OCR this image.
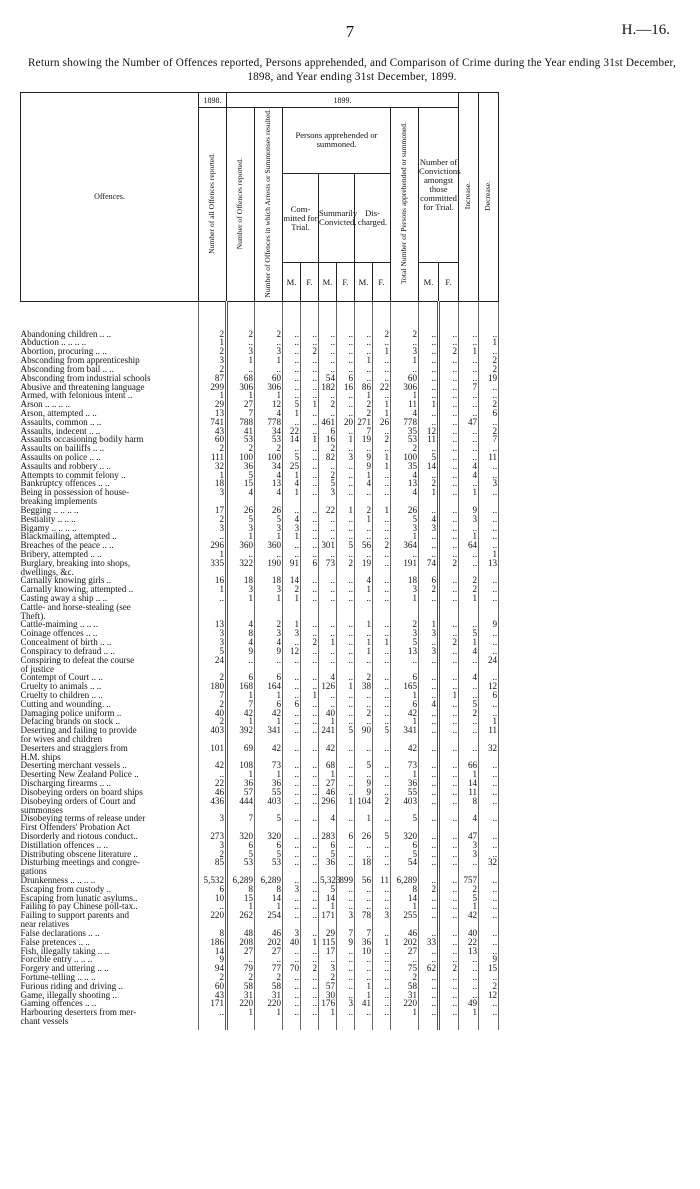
7	H.—16.
Return showing the Number of Offences reported, Persons apprehended, and Comparison of Crime during the Year ending 31st December, 1898, and Year ending 31st December, 1899.
Offences.	1898.	1899.											Increase.	Decrease.	
	Number of all Offences reported.	Number of Offences reported.	Number of Offences in which Arrests or Summonses resulted.	Persons apprehended or summoned.						Total Number of Persons apprehended or summoned.	Number of Convictions amongst those committed for Trial.				
				Com- mitted for Trial.		Summarily Convicted.		Dis- charged.							
				M.	F.	M.	F.	M.	F.		M.	F.			
Abandoning children .. ..	2	2	2	..	..	..	..	..	2	2	..	..	..	..	
Abduction .. .. .. ..	1	..	..	..	..	..	..	..	..	..	..	..	..	1	
Abortion, procuring .. ..	2	3	3	..	2	..	..	..	1	3	..	2	1	..	
Absconding from apprenticeship	3	1	1	..	..	..	..	1	..	1	..	..	..	2	
Absconding from bail .. ..	2	..	..	..	..	..	..	..	..	..	..	..	..	2	
Absconding from industrial schools	87	68	60	..	..	54	6	..	..	60	..	..	..	19	
Abusive and threatening language	299	306	306	..	..	182	16	86	22	306	..	..	7	..	
Armed, with felonious intent ..	1	1	1	..	..	..	..	1	..	1	..	..	..	..	
Arson .. .. .. ..	29	27	12	5	1	2	..	2	1	11	1	..	..	2	
Arson, attempted .. ..	13	7	4	1	..	..	..	2	1	4	..	..	..	6	
Assaults, common .. ..	741	788	778	..	..	461	20	271	26	778	..	..	47	..	
Assaults, indecent .. ..	43	41	34	22	..	6	..	7	..	35	12	..	..	2	
Assaults occasioning bodily harm	60	53	53	14	1	16	1	19	2	53	11	..	..	7	
Assaults on bailiffs .. ..	2	2	2	..	..	2	..	..	..	2	..	..	..	..	
Assaults on police .. ..	111	100	100	5	..	82	3	9	1	100	5	..	..	11	
Assaults and robbery .. ..	32	36	34	25	..	..	..	9	1	35	14	..	4	..	
Attempts to commit felony ..	1	5	4	1	..	2	..	1	..	4	..	..	4	..	
Bankruptcy offences .. ..	18	15	13	4	..	5	..	4	..	13	2	..	..	3	
Being in possession of house-	3	4	4	1	..	3	..	..	..	4	1	..	1	..	
breaking implements															
Begging .. .. .. ..	17	26	26	..	..	22	1	2	1	26	..	..	9	..	
Bestiality .. .. ..	2	5	5	4	..	..	..	1	..	5	4	..	3	..	
Bigamy .. .. .. ..	3	3	3	3	..	..	..	..	..	3	3	..	..	..	
Blackmailing, attempted ..	..	1	1	1	..	..	..	..	..	1	..	..	1	..	
Breaches of the peace .. ..	296	360	360	..	..	301	5	56	2	364	..	..	64	..	
Bribery, attempted .. ..	1	..	..	..	..	..	..	..	..	..	..	..	..	1	
Burglary, breaking into shops,	335	322	190	91	6	73	2	19	..	191	74	2	..	13	
dwellings, &c.															
Carnally knowing girls ..	16	18	18	14	..	..	..	4	..	18	6	..	2	..	
Carnally knowing, attempted ..	1	3	3	2	..	..	..	1	..	3	2	..	2	..	
Casting away a ship .. ..	..	1	1	1	..	..	..	..	..	1	..	..	1	..	
Cattle- and horse-stealing (see															
Theft).															
Cattle-maiming .. .. ..	13	4	2	1	..	..	..	1	..	2	1	..	..	9	
Coinage offences .. ..	3	8	3	3	..	..	..	..	..	3	3	..	5	..	
Concealment of birth .. ..	3	4	4	..	2	1	..	1	1	5	..	2	1	..	
Conspiracy to defraud .. ..	5	9	9	12	..	..	..	1	..	13	3	..	4	..	
Conspiring to defeat the course	24	..	..	..	..	..	..	..	..	..	..	..	..	24	
of justice															
Contempt of Court .. ..	2	6	6	..	..	4	..	2	..	6	..	..	4	..	
Cruelty to animals .. ..	180	168	164	..	..	126	1	38	..	165	..	..	..	12	
Cruelty to children .. ..	7	1	1	..	1	..	..	..	..	1	..	1	..	6	
Cutting and wounding. ..	2	7	6	6	..	..	..	..	..	6	4	..	5	..	
Damaging police uniform ..	40	42	42	..	..	40	..	2	..	42	..	..	2	..	
Defacing brands on stock ..	2	1	1	..	..	1	..	..	..	1	..	..	..	1	
Deserting and failing to provide	403	392	341	..	..	241	5	90	5	341	..	..	..	11	
for wives and children															
Deserters and stragglers from	101	69	42	..	..	42	..	..	..	42	..	..	..	32	
H.M. ships															
Deserting merchant vessels ..	42	108	73	..	..	68	..	5	..	73	..	..	66	..	
Deserting New Zealand Police ..	..	1	1	..	..	1	..	..	..	1	..	..	1	..	
Discharging firearms .. ..	22	36	36	..	..	27	..	9	..	36	..	..	14	..	
Disobeying orders on board ships	46	57	55	..	..	46	..	9	..	55	..	..	11	..	
Disobeying orders of Court and	436	444	403	..	..	296	1	104	2	403	..	..	8	..	
summonses															
Disobeying terms of release under	3	7	5	..	..	4	..	1	..	5	..	..	4	..	
First Offenders' Probation Act															
Disorderly and riotous conduct..	273	320	320	..	..	283	6	26	5	320	..	..	47	..	
Distillation offences .. ..	3	6	6	..	..	6	..	..	..	6	..	..	3	..	
Distributing obscene literature ..	2	5	5	..	..	5	..	..	..	5	..	..	3	..	
Disturbing meetings and congre-	85	53	53	..	..	36	..	18	..	54	..	..	..	32	
gations															
Drunkenness .. .. .. ..	5,532	6,289	6,289	..	..	5,323	899	56	11	6,289	..	..	757	..	
Escaping from custody ..	6	8	8	3	..	5	..	..	..	8	2	..	2	..	
Escaping from lunatic asylums..	10	15	14	..	..	14	..	..	..	14	..	..	5	..	
Failing to pay Chinese poll-tax..	..	1	1	..	..	1	..	..	..	1	..	..	1	..	
Failing to support parents and	220	262	254	..	..	171	3	78	3	255	..	..	42	..	
near relatives															
False declarations .. ..	8	48	46	3	..	29	7	7	..	46	..	..	40	..	
False pretences .. ..	186	208	202	40	1	115	9	36	1	202	33	..	22	..	
Fish, illegally taking .. ..	14	27	27	..	..	17	..	10	..	27	..	..	13	..	
Forcible entry .. .. ..	9	..	..	..	..	..	..	..	..	..	..	..	..	9	
Forgery and uttering .. ..	94	79	77	70	2	3	..	..	..	75	62	2	..	15	
Fortune-telling .. .. ..	2	2	2	..	..	2	..	..	..	2	..	..	..	..	
Furious riding and driving ..	60	58	58	..	..	57	..	1	..	58	..	..	..	2	
Game, illegally shooting ..	43	31	31	..	..	30	..	1	..	31	..	..	..	12	
Gaming offences .. ..	171	220	220	..	..	176	3	41	..	220	..	..	49	..	
Harbouring deserters from mer-	..	1	1	..	..	1	..	..	..	1	..	..	1	..	
chant vessels															
